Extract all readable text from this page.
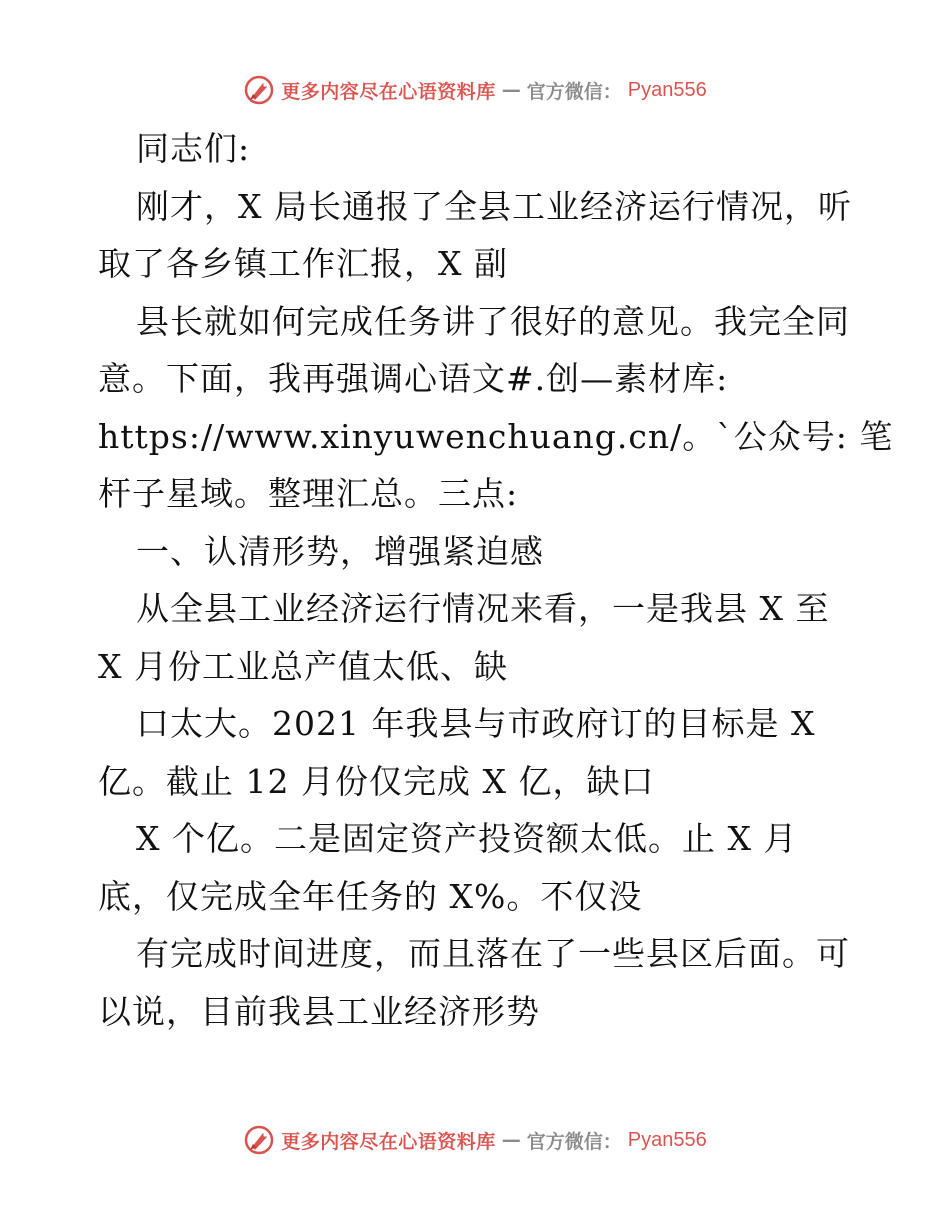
更多内容尽在心语资料库 — 官方微信： Pyan556
同志们:
刚才，X 局长通报了全县工业经济运行情况，听
取了各乡镇工作汇报，X 副
县长就如何完成任务讲了很好的意见。我完全同
意。下面，我再强调心语文#.创—素材库:
https://www.xinyuwenchuang.cn/。`公众号: 笔
杆子星域。整理汇总。三点:
一、认清形势，增强紧迫感
从全县工业经济运行情况来看，一是我县 X 至
X 月份工业总产值太低、缺
口太大。2021 年我县与市政府订的目标是 X
亿。截止 12 月份仅完成 X 亿，缺口
X 个亿。二是固定资产投资额太低。止 X 月
底，仅完成全年任务的 X%。不仅没
有完成时间进度，而且落在了一些县区后面。可
以说，目前我县工业经济形势
更多内容尽在心语资料库 — 官方微信： Pyan556
